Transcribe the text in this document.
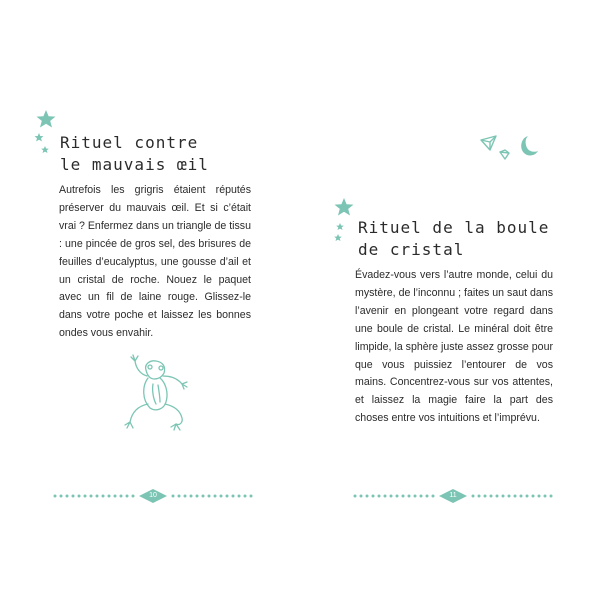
Rituel contre
le mauvais œil

Autrefois les grigris étaient réputés préserver du mauvais œil. Et si c’était vrai ? Enfermez dans un triangle de tissu : une pincée de gros sel, des brisures de feuilles d’eucalyptus, une gousse d’ail et un cristal de roche. Nouez le paquet avec un fil de laine rouge. Glissez-le dans votre poche et laissez les bonnes ondes vous envahir.

10
Rituel de la boule
de cristal

Évadez-vous vers l’autre monde, celui du mystère, de l’inconnu ; faites un saut dans l’avenir en plongeant votre regard dans une boule de cristal. Le minéral doit être limpide, la sphère juste assez grosse pour que vous puissiez l’entourer de vos mains. Concentrez-vous sur vos attentes, et laissez la magie faire la part des choses entre vos intuitions et l’imprévu.

11
